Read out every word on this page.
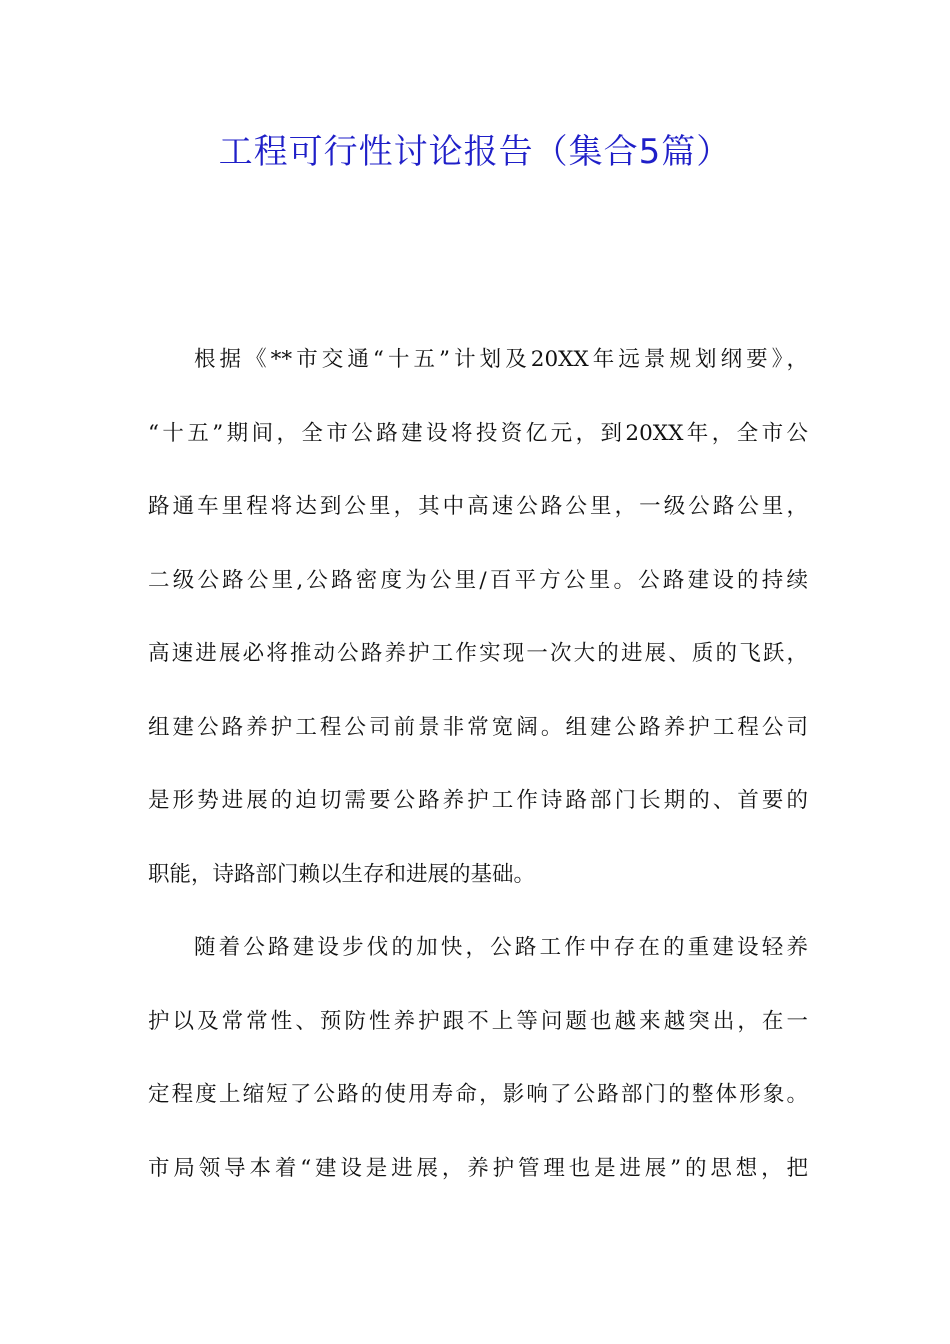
工程可行性讨论报告（集合5篇）
根据《**市交通“十五”计划及20XX年远景规划纲要》，
“十五”期间，全市公路建设将投资亿元，到20XX年，全市公
路通车里程将达到公里，其中高速公路公里，一级公路公里，
二级公路公里,公路密度为公里/百平方公里。公路建设的持续
高速进展必将推动公路养护工作实现一次大的进展、质的飞跃，
组建公路养护工程公司前景非常宽阔。组建公路养护工程公司
是形势进展的迫切需要公路养护工作诗路部门长期的、首要的
职能，诗路部门赖以生存和进展的基础。
随着公路建设步伐的加快，公路工作中存在的重建设轻养
护以及常常性、预防性养护跟不上等问题也越来越突出，在一
定程度上缩短了公路的使用寿命，影响了公路部门的整体形象。
市局领导本着“建设是进展，养护管理也是进展”的思想，把
